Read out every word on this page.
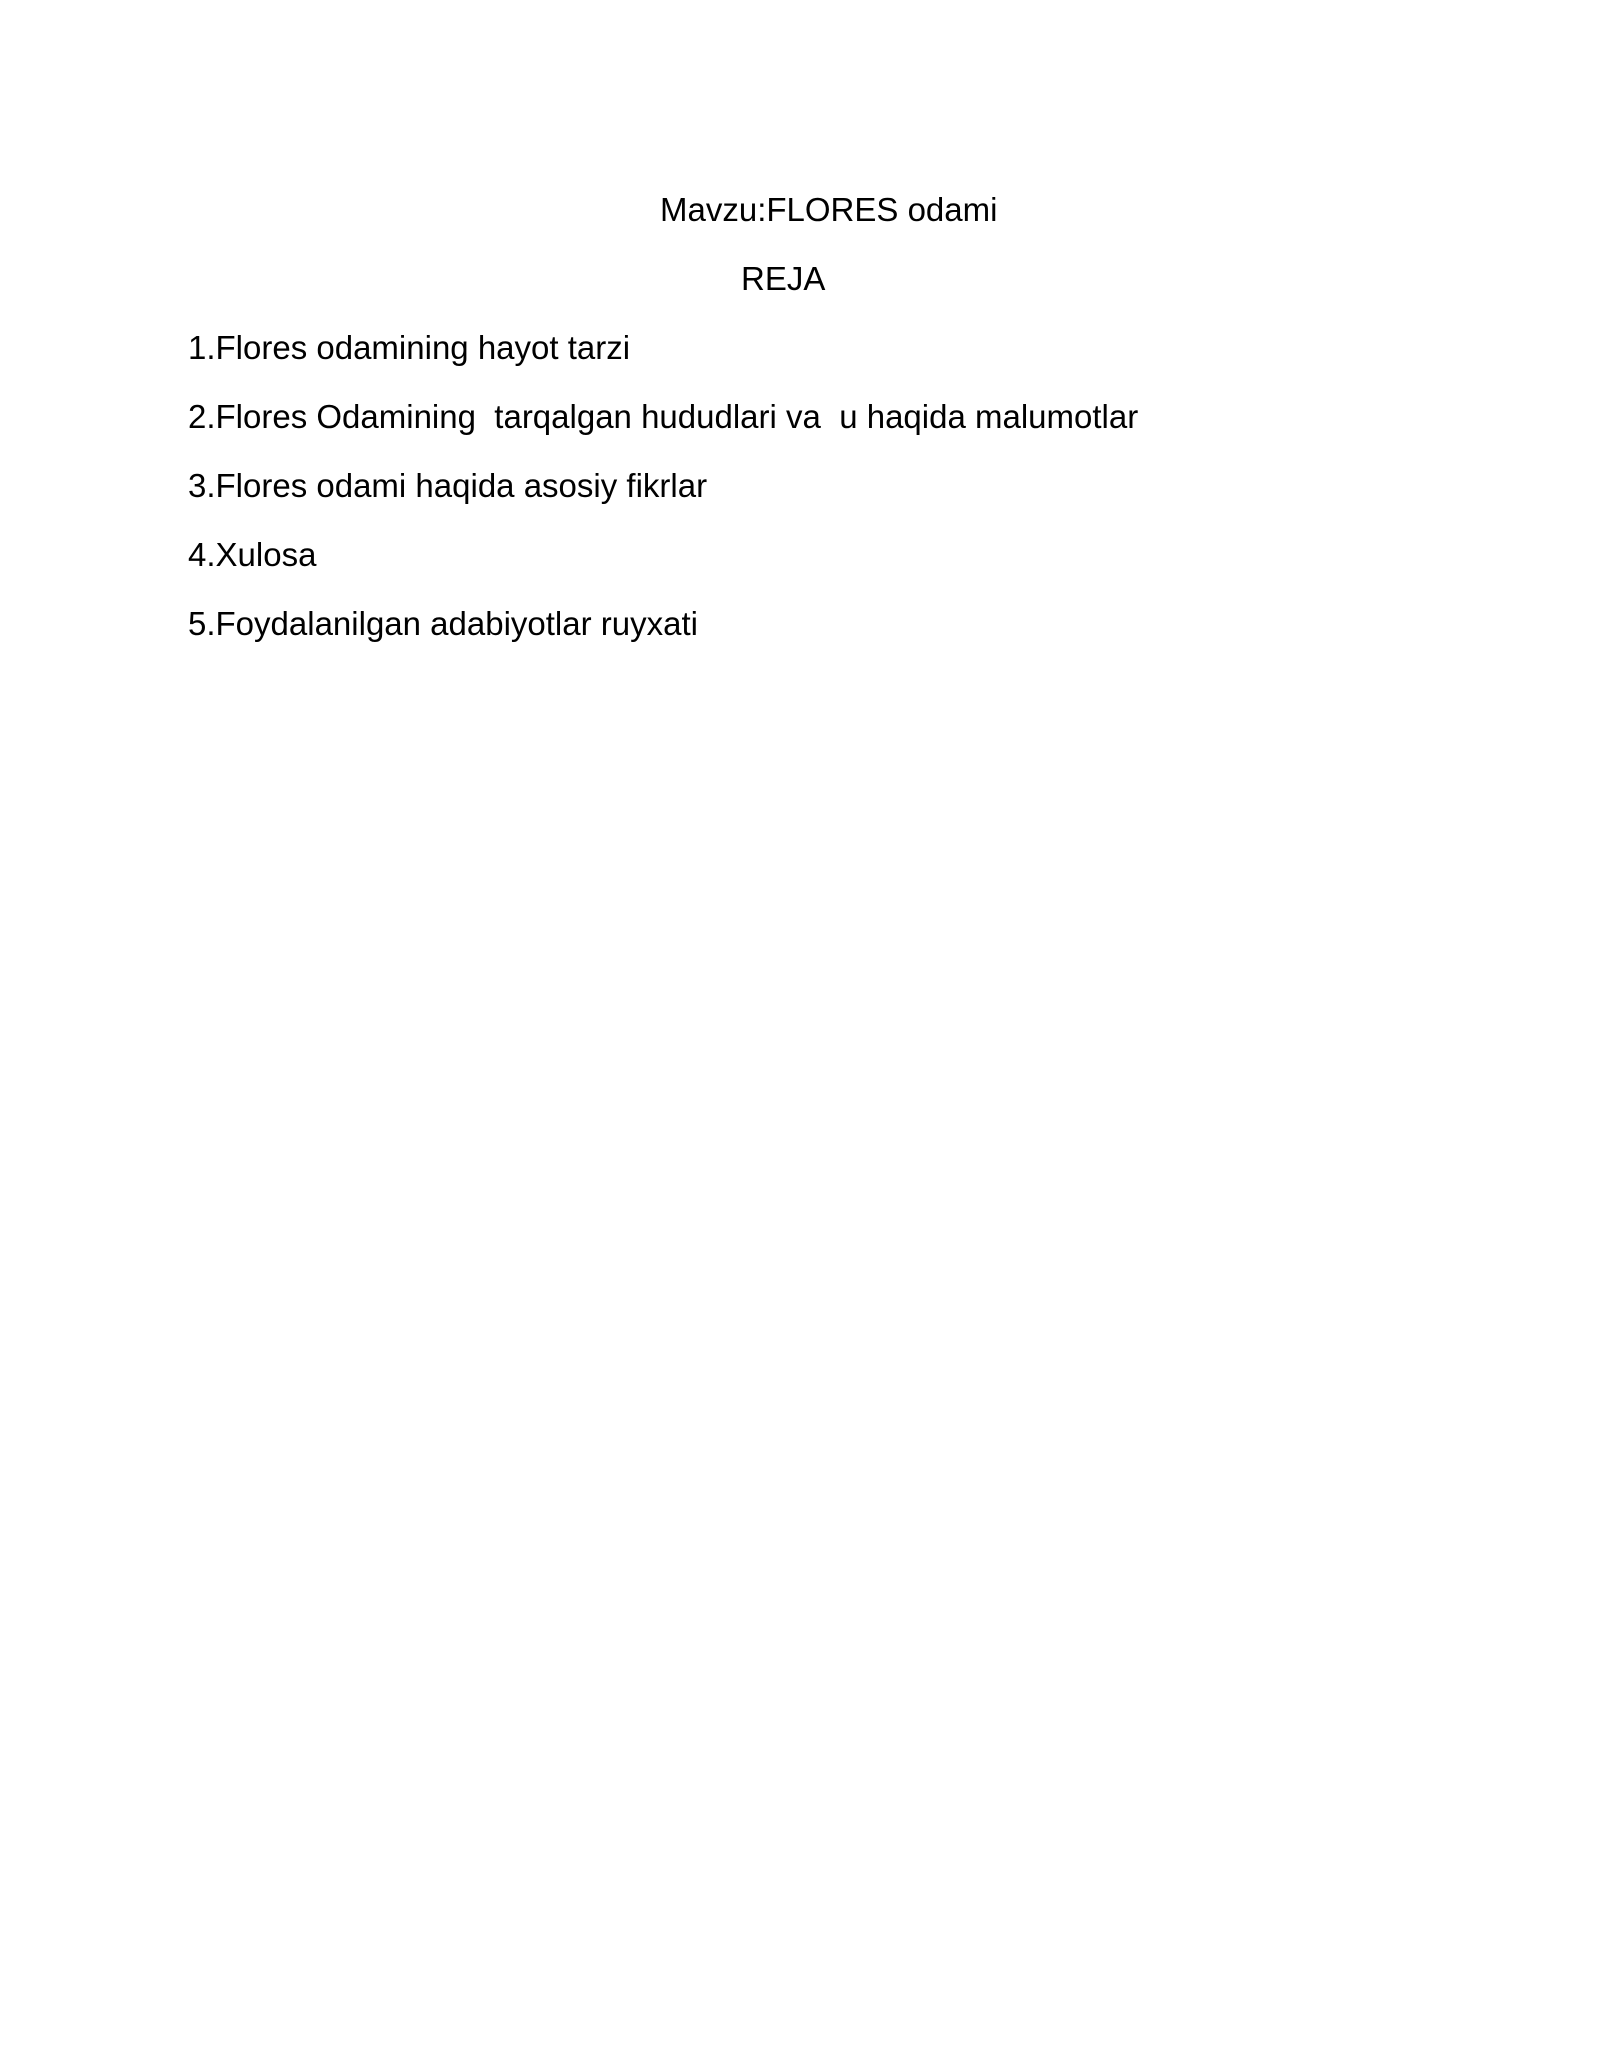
Mavzu:FLORES odami
REJA
1.Flores odamining hayot tarzi
2.Flores Odamining  tarqalgan hududlari va  u haqida malumotlar
3.Flores odami haqida asosiy fikrlar
4.Xulosa
5.Foydalanilgan adabiyotlar ruyxati
